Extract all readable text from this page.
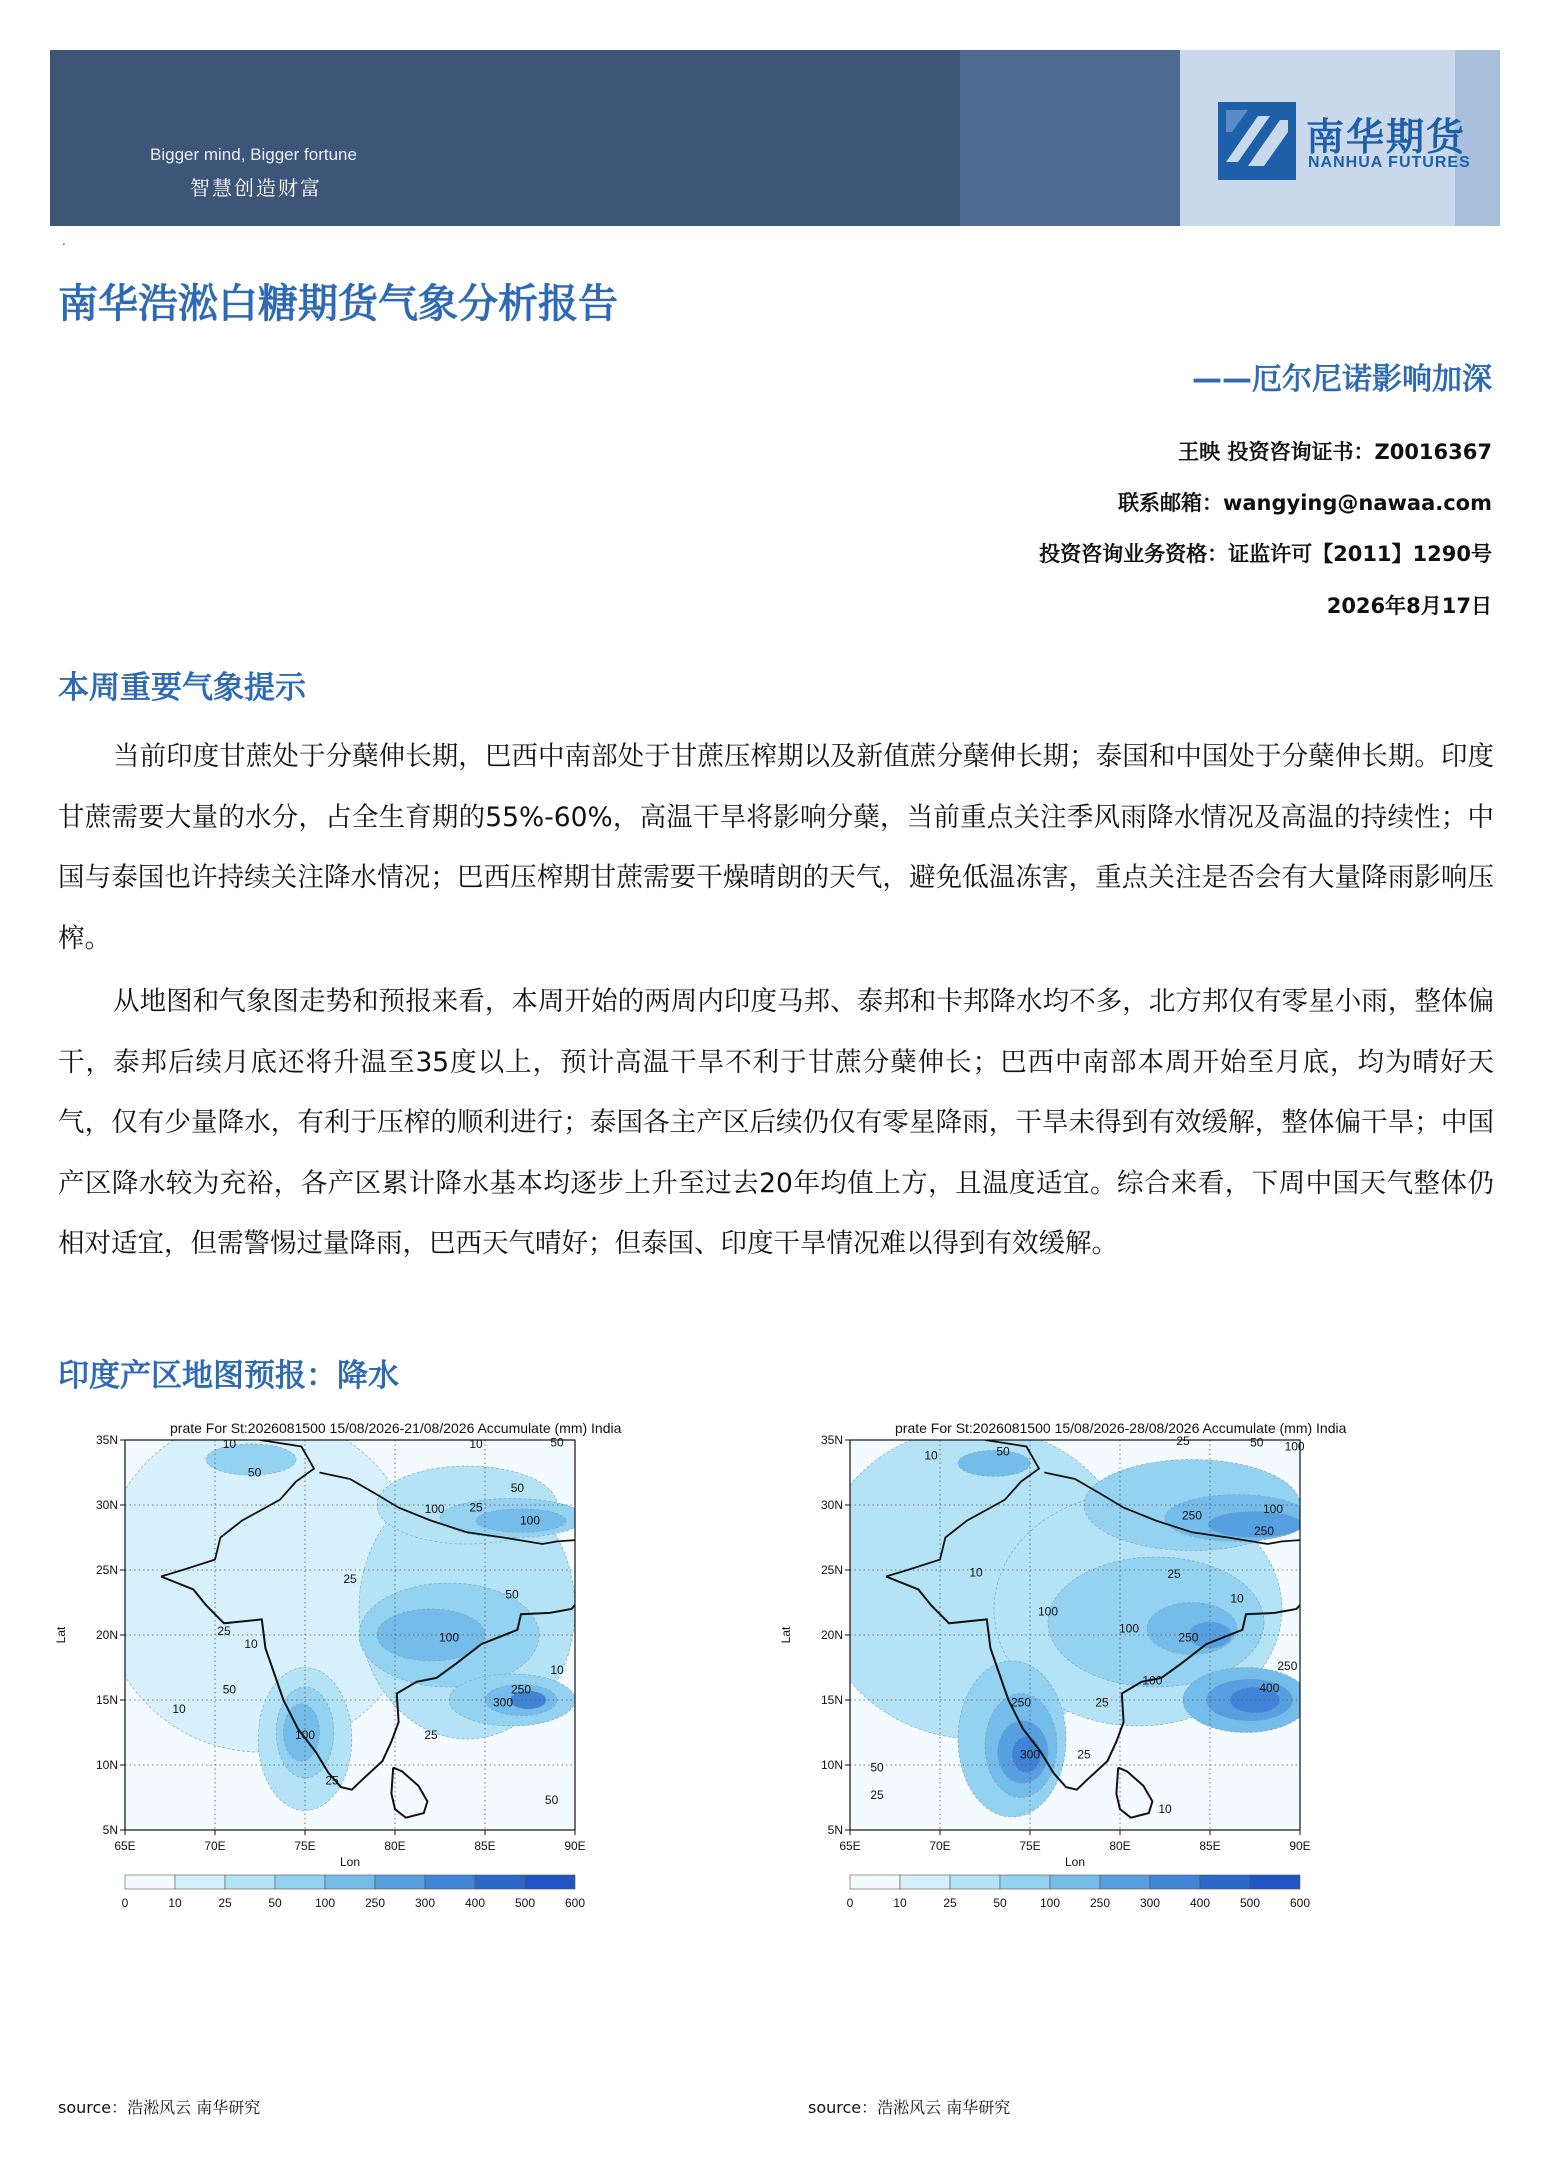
Bigger mind, Bigger fortune
智慧创造财富
南华期货
NANHUA FUTURES
.
南华浩淞白糖期货气象分析报告
——厄尔尼诺影响加深
王映 投资咨询证书：Z0016367
联系邮箱：wangying@nawaa.com
投资咨询业务资格：证监许可【2011】1290号
2026年8月17日
本周重要气象提示
当前印度甘蔗处于分蘖伸长期，巴西中南部处于甘蔗压榨期以及新值蔗分蘖伸长期；泰国和中国处于分蘖伸长期。印度甘蔗需要大量的水分，占全生育期的55%-60%，高温干旱将影响分蘖，当前重点关注季风雨降水情况及高温的持续性；中国与泰国也许持续关注降水情况；巴西压榨期甘蔗需要干燥晴朗的天气，避免低温冻害，重点关注是否会有大量降雨影响压榨。
从地图和气象图走势和预报来看，本周开始的两周内印度马邦、泰邦和卡邦降水均不多，北方邦仅有零星小雨，整体偏干，泰邦后续月底还将升温至35度以上，预计高温干旱不利于甘蔗分蘖伸长；巴西中南部本周开始至月底，均为晴好天气，仅有少量降水，有利于压榨的顺利进行；泰国各主产区后续仍仅有零星降雨，干旱未得到有效缓解，整体偏干旱；中国产区降水较为充裕，各产区累计降水基本均逐步上升至过去20年均值上方，且温度适宜。综合来看，下周中国天气整体仍相对适宜，但需警惕过量降雨，巴西天气晴好；但泰国、印度干旱情况难以得到有效缓解。
印度产区地图预报：降水
prate For St:2026081500 15/08/2026-21/08/2026 Accumulate (mm) India
10
50
10	50
50
25
100
100
50
100
25
25
10
50
10
100
25
25
250
300
10
50
65E	70E	75E	80E	85E	90E
35N
30N
25N
20N
15N
10N
5N
Lon
Lat
0	10	25	50	100 250 300 400 500 600
source：浩淞风云 南华研究
prate For St:2026081500 15/08/2026-28/08/2026 Accumulate (mm) India
10	50
25	50 100
100
250
250
25
10
100
100
250
10
250
300	25
25
100
400
250
50
25
10
65E	70E	75E	80E	85E	90E
35N
30N
25N
20N
15N
10N
5N
Lon
Lat
0	10	25	50	100 250 300 400 500 600
source：浩淞风云 南华研究
